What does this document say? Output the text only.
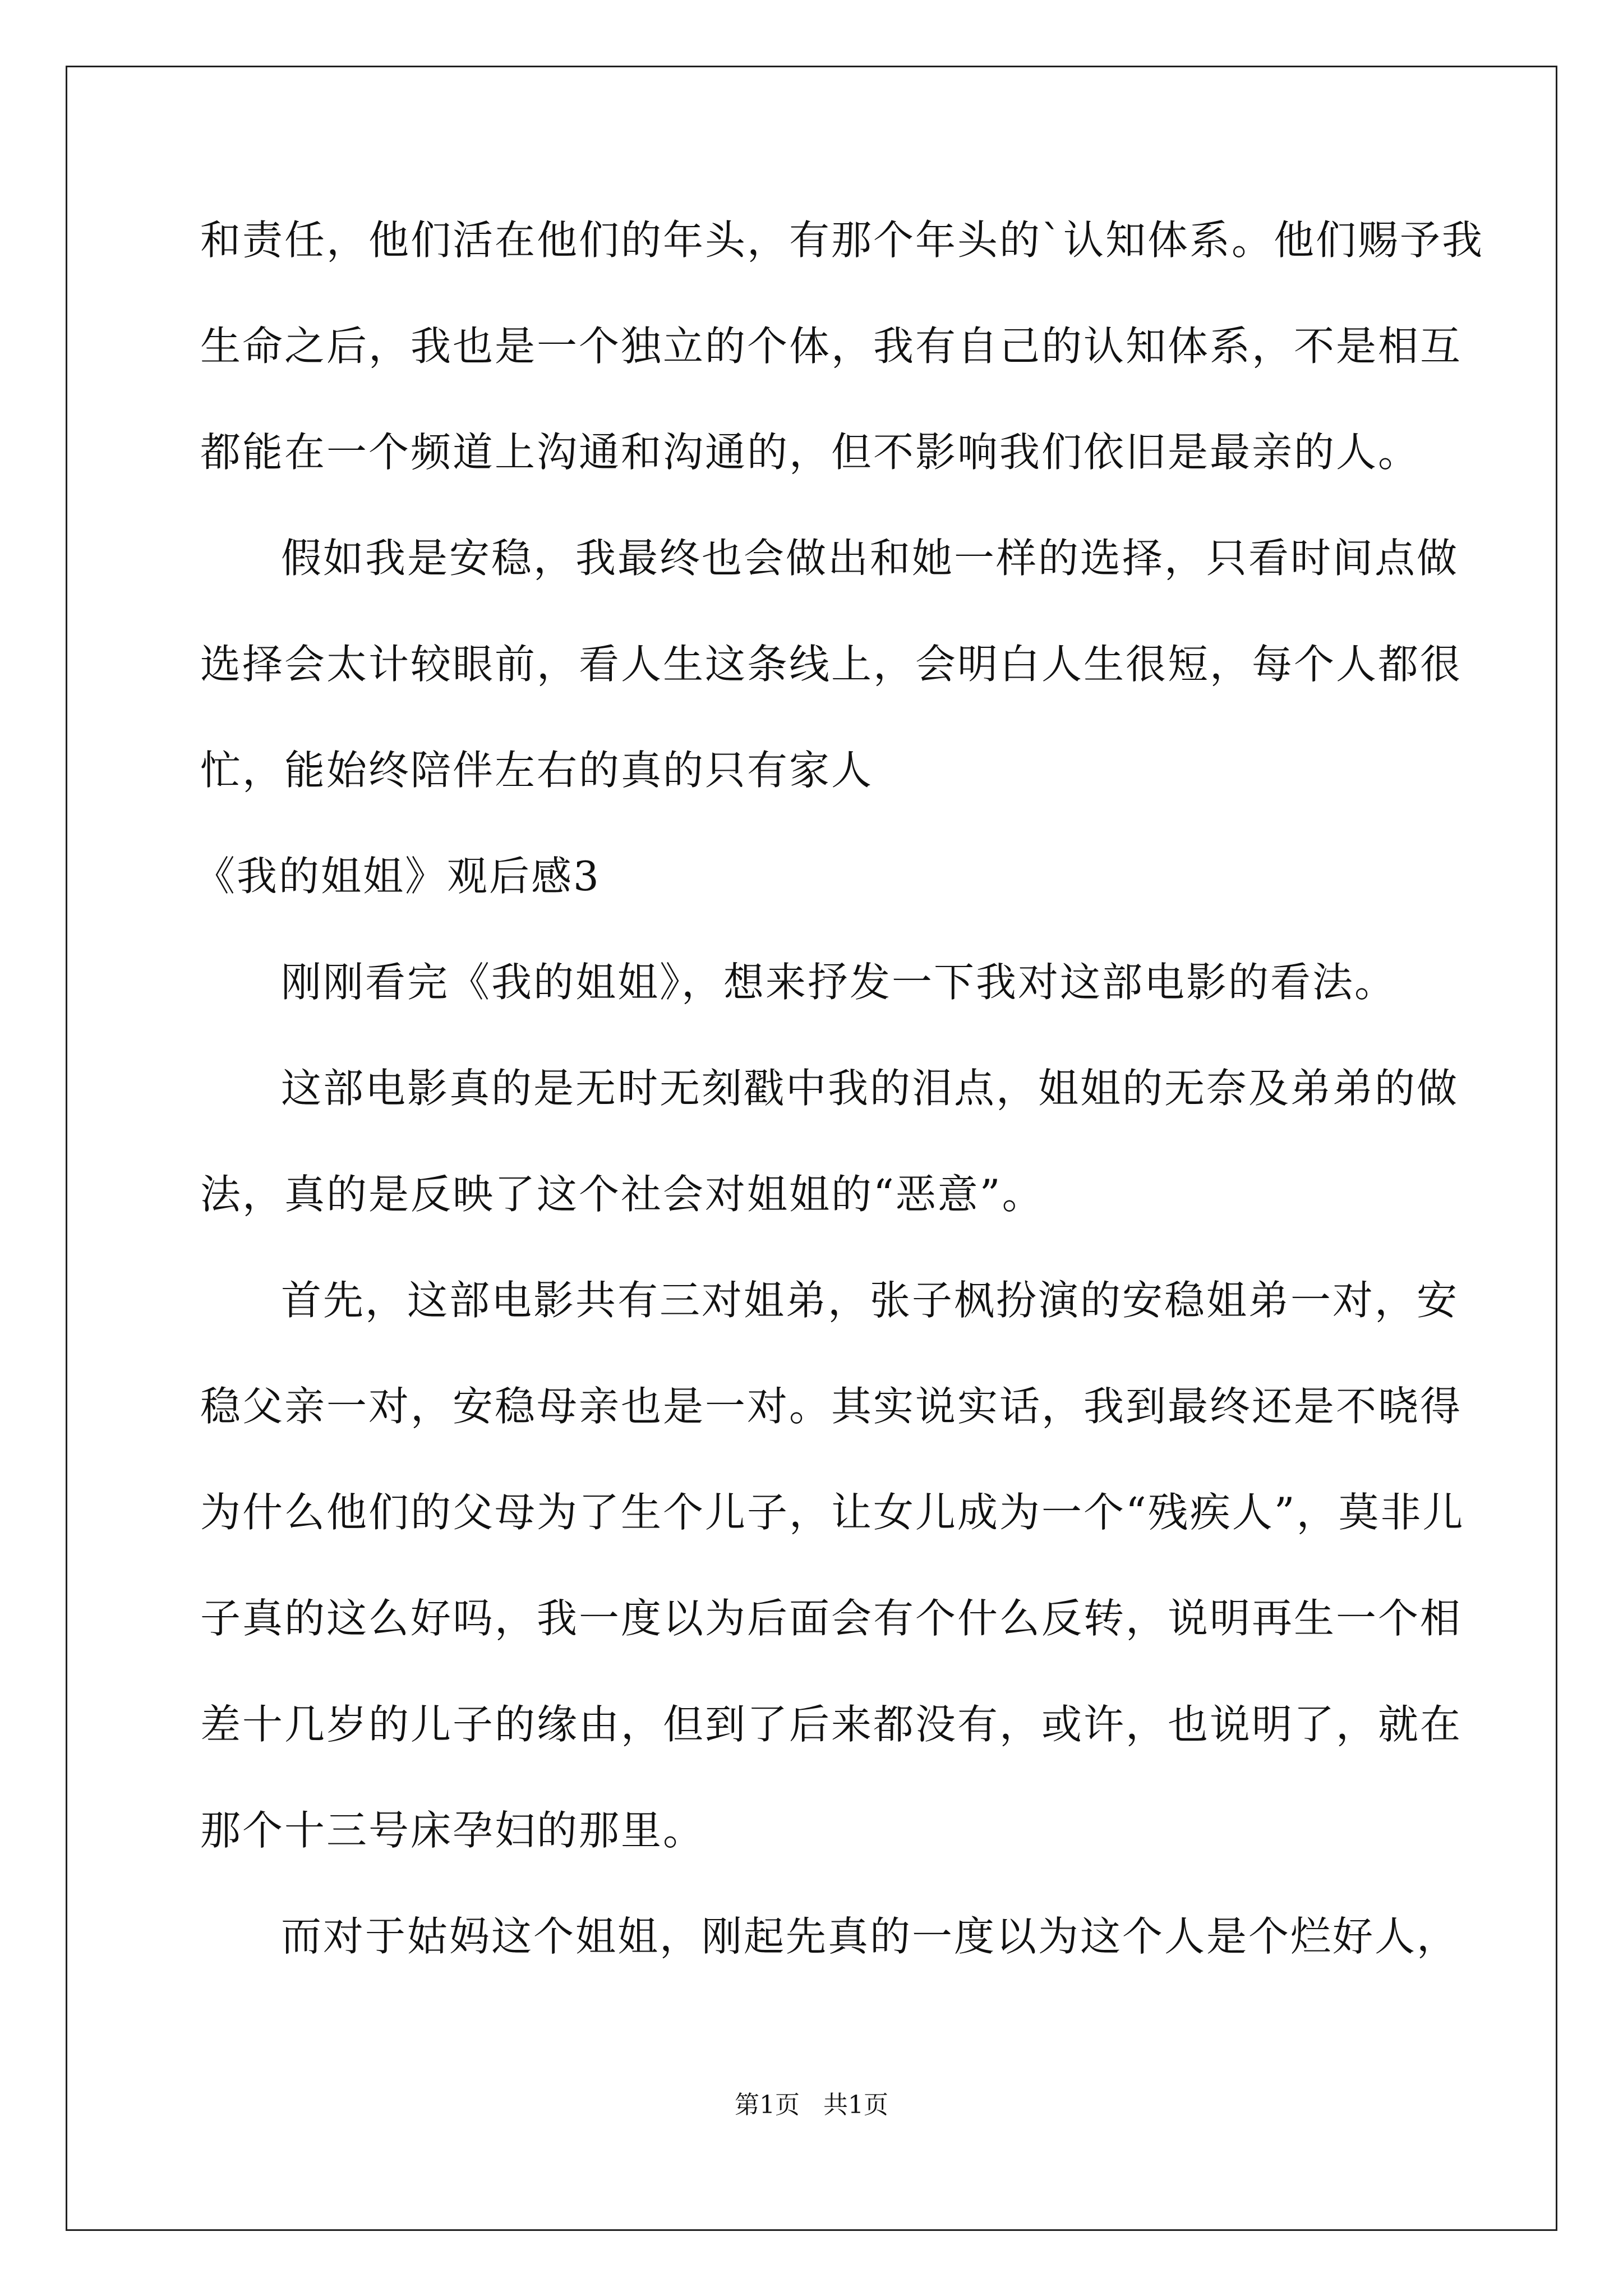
和责任，他们活在他们的年头，有那个年头的`认知体系。他们赐予我
生命之后，我也是一个独立的个体，我有自己的认知体系，不是相互
都能在一个频道上沟通和沟通的，但不影响我们依旧是最亲的人。
假如我是安稳，我最终也会做出和她一样的选择，只看时间点做
选择会太计较眼前，看人生这条线上，会明白人生很短，每个人都很
忙，能始终陪伴左右的真的只有家人
《我的姐姐》观后感3
刚刚看完《我的姐姐》，想来抒发一下我对这部电影的看法。
这部电影真的是无时无刻戳中我的泪点，姐姐的无奈及弟弟的做
法，真的是反映了这个社会对姐姐的“恶意”。
首先，这部电影共有三对姐弟，张子枫扮演的安稳姐弟一对，安
稳父亲一对，安稳母亲也是一对。其实说实话，我到最终还是不晓得
为什么他们的父母为了生个儿子，让女儿成为一个“残疾人”，莫非儿
子真的这么好吗，我一度以为后面会有个什么反转，说明再生一个相
差十几岁的儿子的缘由，但到了后来都没有，或许，也说明了，就在
那个十三号床孕妇的那里。
而对于姑妈这个姐姐，刚起先真的一度以为这个人是个烂好人，
第1页 共1页
